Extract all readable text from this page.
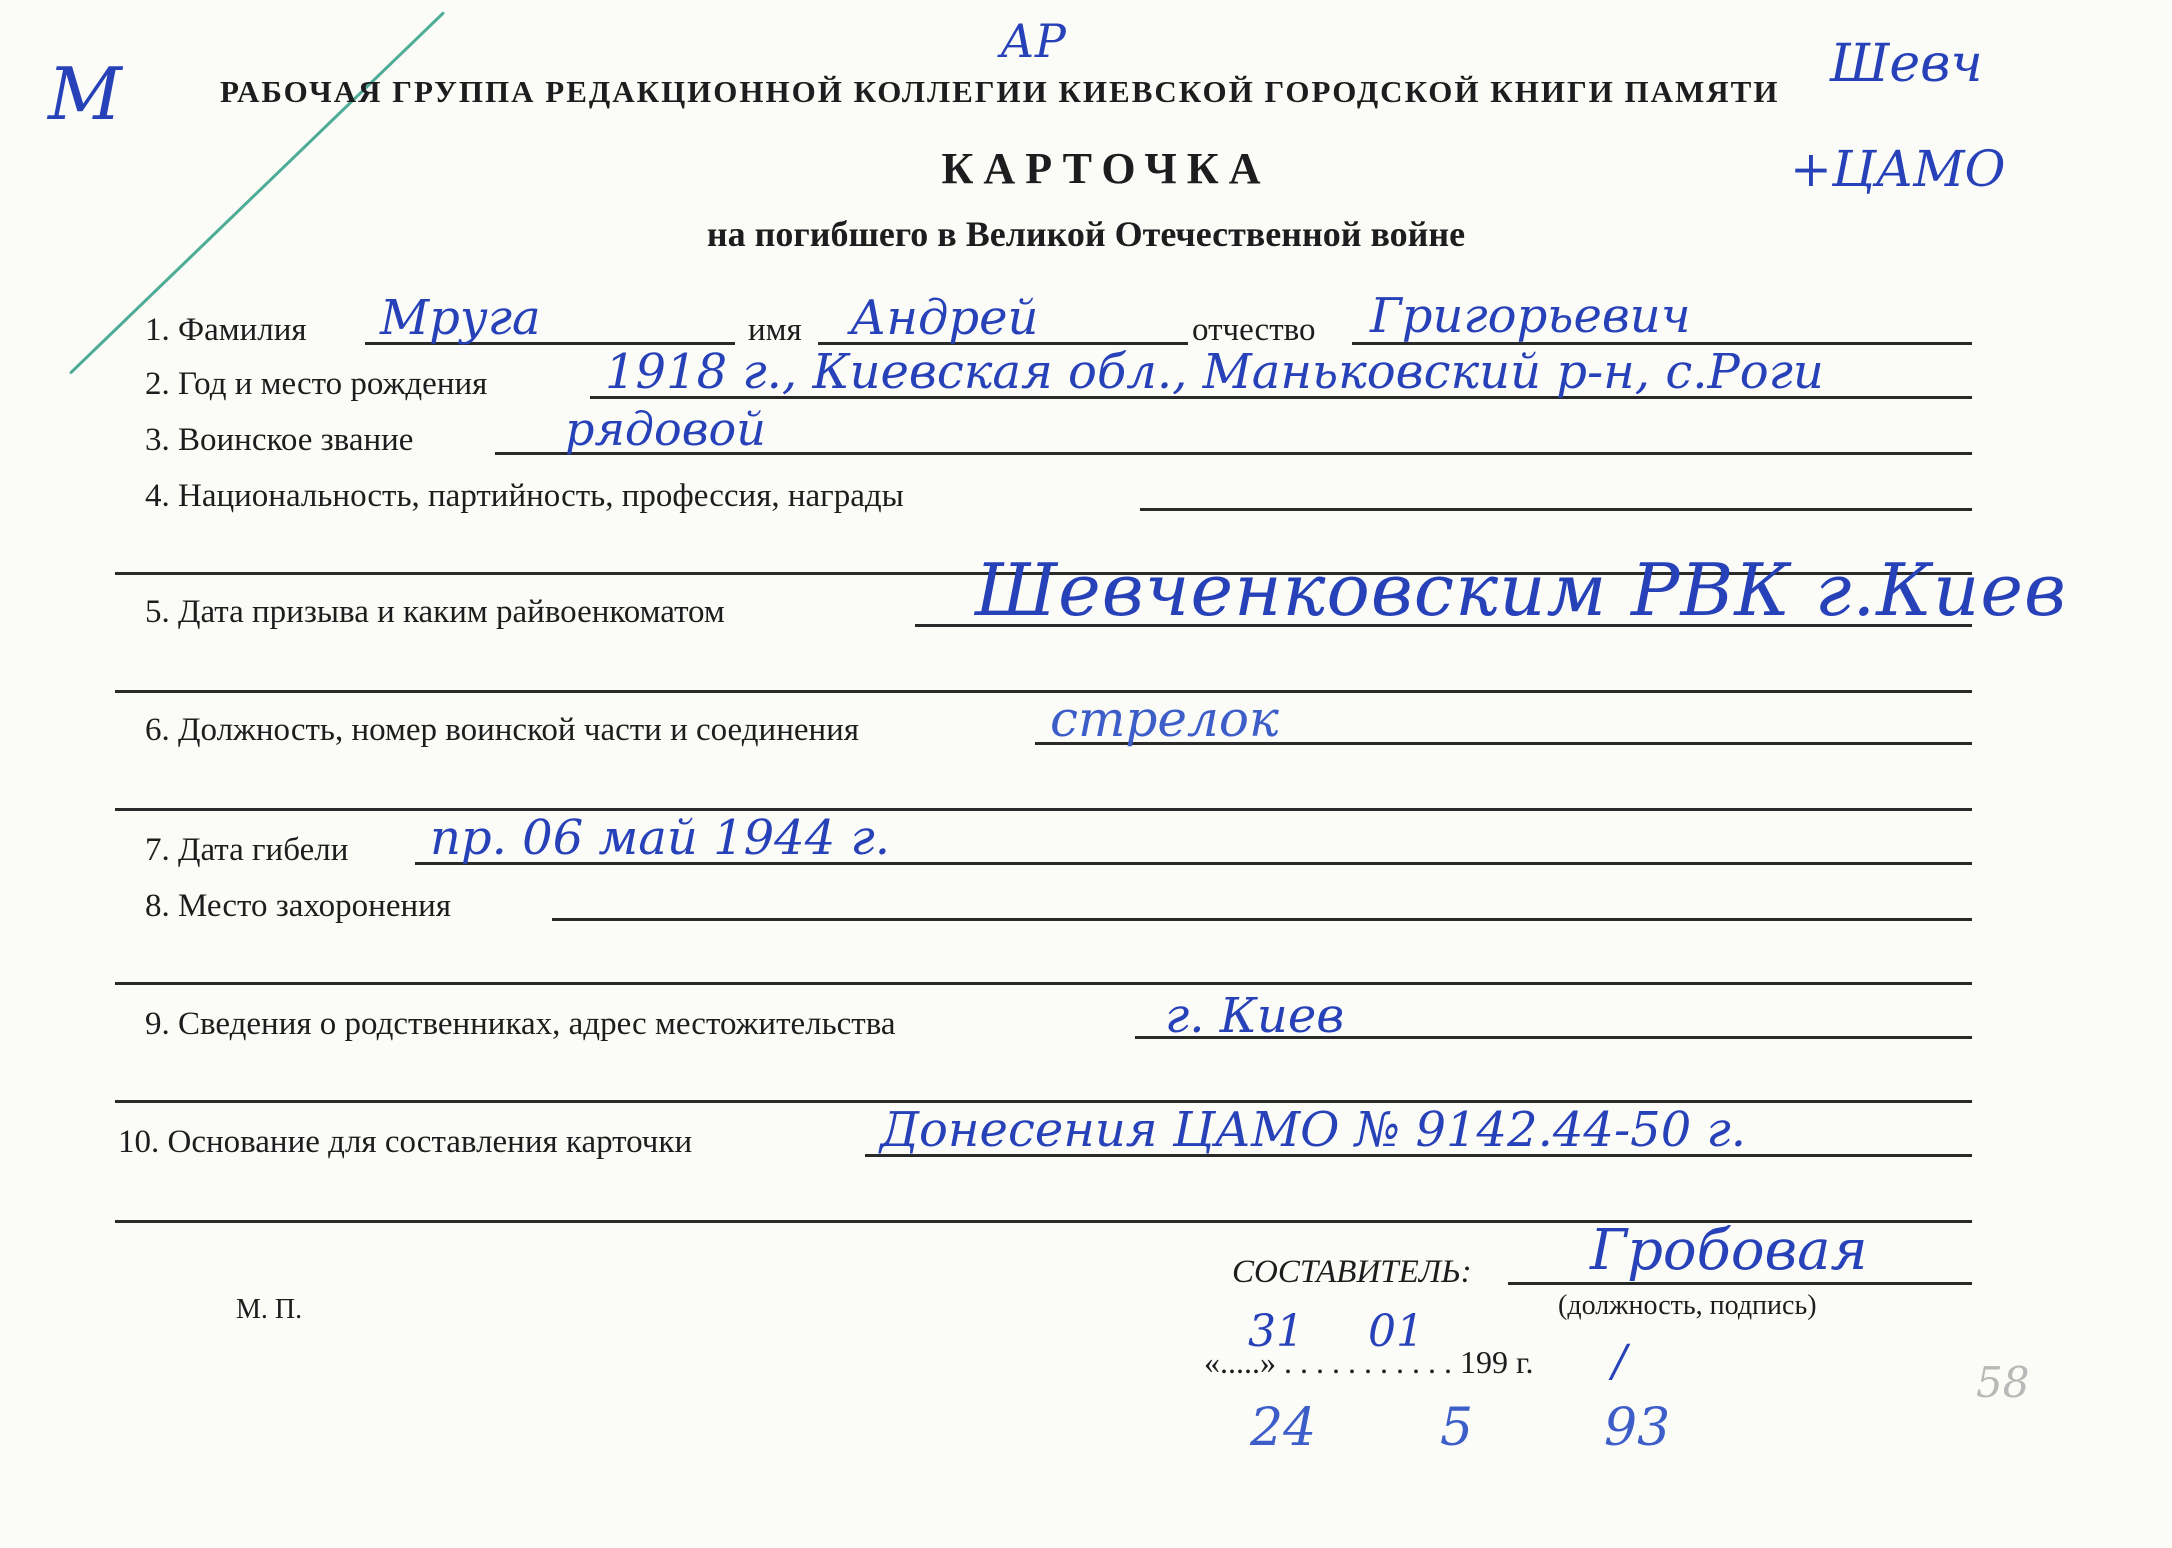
М
АР	Шевч
+ЦАМО
РАБОЧАЯ ГРУППА РЕДАКЦИОННОЙ КОЛЛЕГИИ КИЕВСКОЙ ГОРОДСКОЙ КНИГИ ПАМЯТИ
КАРТОЧКА
на погибшего в Великой Отечественной войне
1. Фамилия Мруга	имя Андрей	отчество Григорьевич
2. Год и место рождения 1918 г., Киевская обл., Маньковский р-н, с.Роги
3. Воинское звание	рядовой
4. Национальность, партийность, профессия, награды
5. Дата призыва и каким райвоенкоматом	Шевченковским РВК г.Киев
6. Должность, номер воинской части и соединения	стрелок
7. Дата гибели пр. 06 май 1944 г.
8. Место захоронения
9. Сведения о родственниках, адрес местожительства	г. Киев
10. Основание для составления карточки	Донесения ЦАМО № 9142.44-50 г.
СОСТАВИТЕЛЬ: Гробовая
(должность, подпись)
М. П.
«.....» . . . . . . . . . . . 199 г.
31 01
/
24 5	93
58
